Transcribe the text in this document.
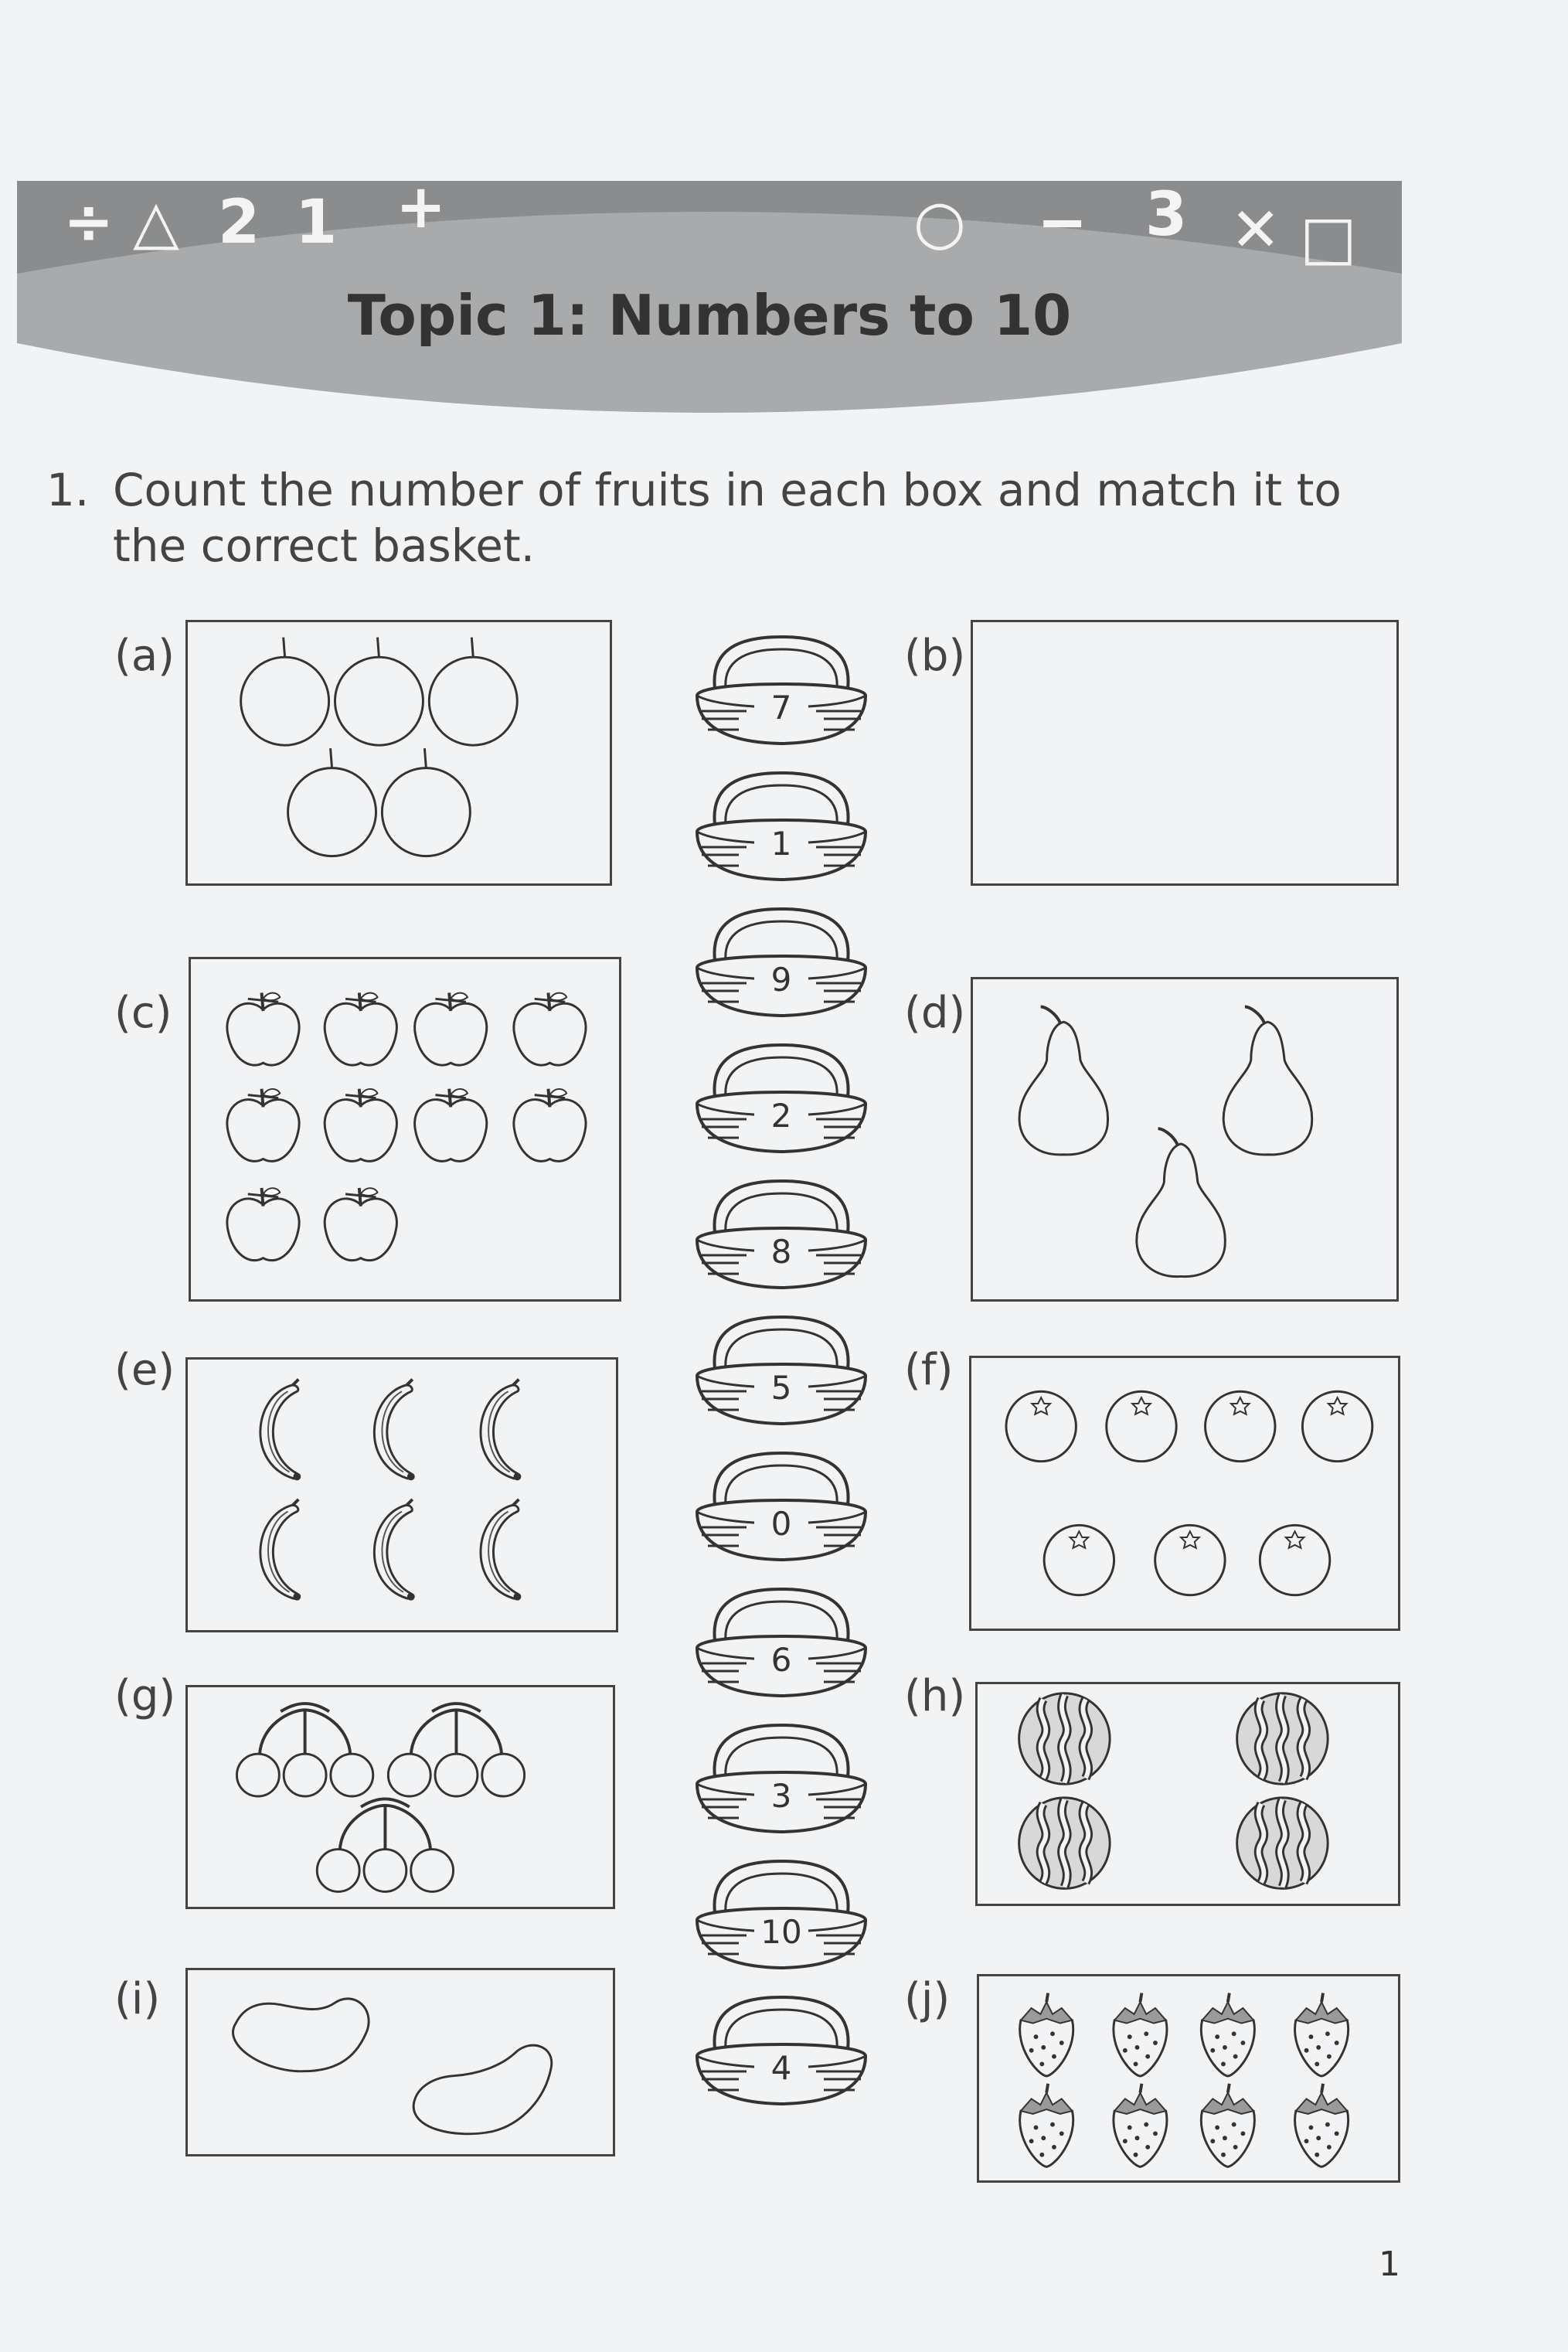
÷ △ 2 1 +	○ − 3 ✕ □
Topic 1: Numbers to 10
1. Count the number of fruits in each box and match it to the correct basket.
(a)	(b)
(c)	(d)
(e)	(f)
(g)	(h)
(i)	(j)
7
1
9
2
8
5
0
6
3
10
4
1
